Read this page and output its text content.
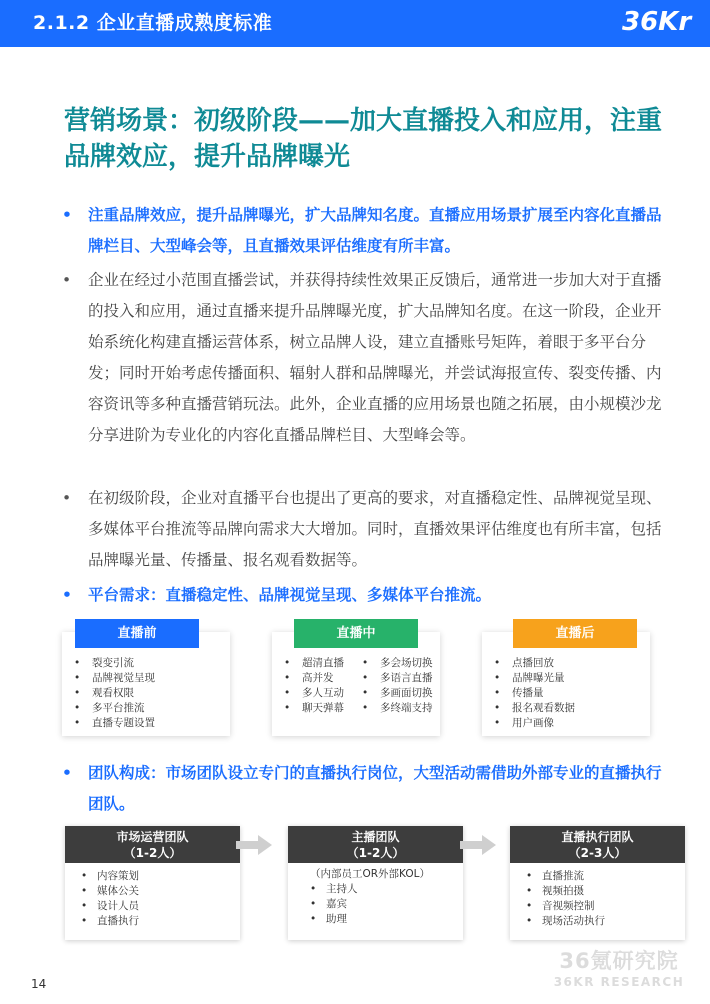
2.1.2 企业直播成熟度标准	36Kr
营销场景：初级阶段——加大直播投入和应用，注重品牌效应，提升品牌曝光
•	注重品牌效应，提升品牌曝光，扩大品牌知名度。直播应用场景扩展至内容化直播品牌栏目、大型峰会等，且直播效果评估维度有所丰富。
•	企业在经过小范围直播尝试，并获得持续性效果正反馈后，通常进一步加大对于直播的投入和应用，通过直播来提升品牌曝光度，扩大品牌知名度。在这一阶段，企业开始系统化构建直播运营体系，树立品牌人设，建立直播账号矩阵，着眼于多平台分发；同时开始考虑传播面积、辐射人群和品牌曝光，并尝试海报宣传、裂变传播、内容资讯等多种直播营销玩法。此外，企业直播的应用场景也随之拓展，由小规模沙龙分享进阶为专业化的内容化直播品牌栏目、大型峰会等。
•	在初级阶段，企业对直播平台也提出了更高的要求，对直播稳定性、品牌视觉呈现、多媒体平台推流等品牌向需求大大增加。同时，直播效果评估维度也有所丰富，包括品牌曝光量、传播量、报名观看数据等。
•	平台需求：直播稳定性、品牌视觉呈现、多媒体平台推流。
• 裂变引流
• 品牌视觉呈现
• 观看权限
• 多平台推流
• 直播专题设置
直播前
• 超清直播
• 高并发
• 多人互动
• 聊天弹幕
• 多会场切换
• 多语言直播
• 多画面切换
• 多终端支持
直播中
• 点播回放
• 品牌曝光量
• 传播量
• 报名观看数据
• 用户画像
直播后
•	团队构成：市场团队设立专门的直播执行岗位，大型活动需借助外部专业的直播执行团队。
• 内容策划
• 媒体公关
• 设计人员
• 直播执行
市场运营团队
（1-2人）
（内部员工OR外部KOL）
• 主持人
• 嘉宾
• 助理
主播团队
（1-2人）
• 直播推流
• 视频拍摄
• 音视频控制
• 现场活动执行
直播执行团队
（2-3人）
36氪研究院
36KR RESEARCH
14
